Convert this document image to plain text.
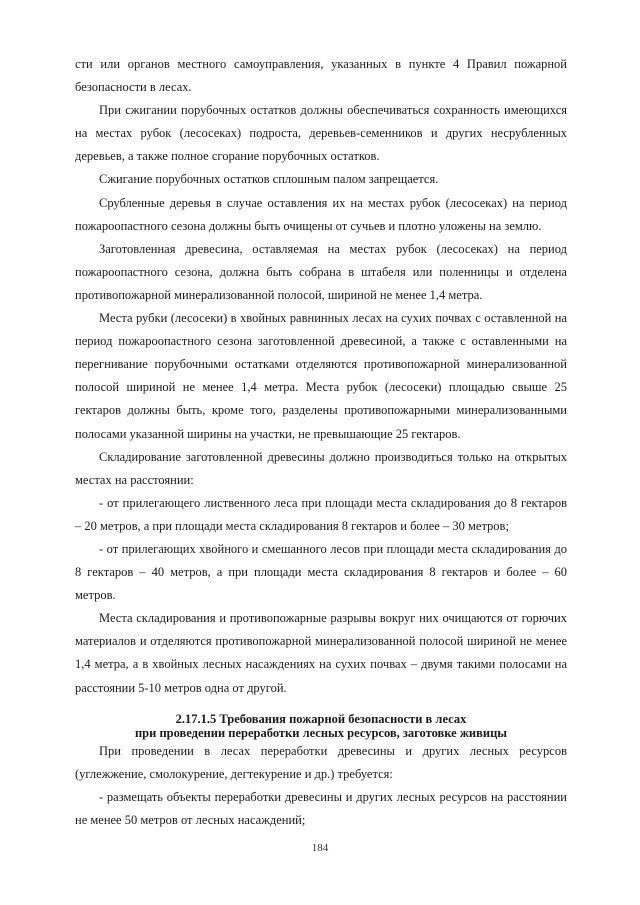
сти или органов местного самоуправления, указанных в пункте 4 Правил пожарной безопасности в лесах.

При сжигании порубочных остатков должны обеспечиваться сохранность имеющихся на местах рубок (лесосеках) подроста, деревьев-семенников и других несрубленных деревьев, а также полное сгорание порубочных остатков.

Сжигание порубочных остатков сплошным палом запрещается.

Срубленные деревья в случае оставления их на местах рубок (лесосеках) на период пожароопастного сезона должны быть очищены от сучьев и плотно уложены на землю.

Заготовленная древесина, оставляемая на местах рубок (лесосеках) на период пожароопастного сезона, должна быть собрана в штабеля или поленницы и отделена противопожарной минерализованной полосой, шириной не менее 1,4 метра.

Места рубки (лесосеки) в хвойных равнинных лесах на сухих почвах с оставленной на период пожароопастного сезона заготовленной древесиной, а также с оставленными на перегнивание порубочными остатками отделяются противопожарной минерализованной полосой шириной не менее 1,4 метра. Места рубок (лесосеки) площадью свыше 25 гектаров должны быть, кроме того, разделены противопожарными минерализованными полосами указанной ширины на участки, не превышающие 25 гектаров.

Складирование заготовленной древесины должно производиться только на открытых местах на расстоянии:

- от прилегающего лиственного леса при площади места складирования до 8 гектаров – 20 метров, а при площади места складирования 8 гектаров и более – 30 метров;

- от прилегающих хвойного и смешанного лесов при площади места складирования до 8 гектаров – 40 метров, а при площади места складирования 8 гектаров и более – 60 метров.

Места складирования и противопожарные разрывы вокруг них очищаются от горючих материалов и отделяются противопожарной минерализованной полосой шириной не менее 1,4 метра, а в хвойных лесных насаждениях на сухих почвах – двумя такими полосами на расстоянии 5-10 метров одна от другой.

2.17.1.5 Требования пожарной безопасности в лесах
при проведении переработки лесных ресурсов, заготовке живицы

При проведении в лесах переработки древесины и других лесных ресурсов (углежжение, смолокурение, дегтекурение и др.) требуется:

- размещать объекты переработки древесины и других лесных ресурсов на расстоянии не менее 50 метров от лесных насаждений;

184
